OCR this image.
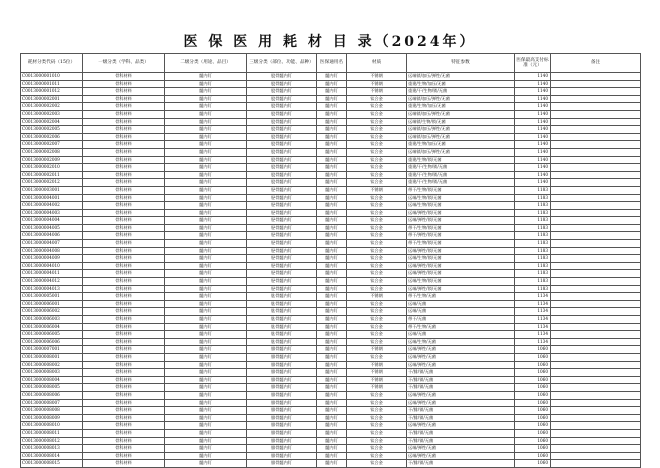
医 保 医 用 耗 材 目 录（2024年）
耗材分类代码（15位）	一级分类（学科、品类）	二级分类（用途、品目）	三级分类（部位、功能、品种）	医保通用名	材质	特征参数	医保最高支付标准（元）	备注
C0013000001010	骨科材料	髓内钉	股骨髓内钉	髓内钉	不锈钢	远端锁/加压/弹性/无菌	1140	
C0013000001011	骨科材料	髓内钉	股骨髓内钉	髓内钉	不锈钢	重建/生物/加压/无菌	1140	
C0013000001012	骨科材料	髓内钉	股骨髓内钉	髓内钉	不锈钢	重建/干/生物/锁/无菌	1140	
C0013000002001	骨科材料	髓内钉	股骨髓内钉	髓内钉	钛合金	远端锁/加压/弹性/无菌	1140	
C0013000002002	骨科材料	髓内钉	股骨髓内钉	髓内钉	钛合金	重建/生物/加压/无菌	1140	
C0013000002003	骨科材料	髓内钉	股骨髓内钉	髓内钉	钛合金	远端锁/加压/弹性/无菌	1140	
C0013000002004	骨科材料	髓内钉	股骨髓内钉	髓内钉	钛合金	远端锁/生物/锁/无菌	1140	
C0013000002005	骨科材料	髓内钉	股骨髓内钉	髓内钉	钛合金	远端锁/加压/弹性/无菌	1140	
C0013000002006	骨科材料	髓内钉	股骨髓内钉	髓内钉	钛合金	远端锁/加压/弹性/无菌	1140	
C0013000002007	骨科材料	髓内钉	股骨髓内钉	髓内钉	钛合金	重建/生物/加压/无菌	1140	
C0013000002008	骨科材料	髓内钉	股骨髓内钉	髓内钉	钛合金	远端锁/加压/弹性/无菌	1140	
C0013000002009	骨科材料	髓内钉	股骨髓内钉	髓内钉	钛合金	重建/生物/锁/无菌	1140	
C0013000002010	骨科材料	髓内钉	股骨髓内钉	髓内钉	钛合金	重建/干/生物/锁/无菌	1140	
C0013000002011	骨科材料	髓内钉	股骨髓内钉	髓内钉	钛合金	重建/干/生物/锁/无菌	1140	
C0013000002012	骨科材料	髓内钉	股骨髓内钉	髓内钉	钛合金	重建/干/生物/锁/无菌	1140	
C0013000003001	骨科材料	髓内钉	胫骨髓内钉	髓内钉	不锈钢	带干/生物/锁/无菌	1183	
C0013000004001	骨科材料	髓内钉	胫骨髓内钉	髓内钉	钛合金	远端/生物/锁/无菌	1183	
C0013000004002	骨科材料	髓内钉	胫骨髓内钉	髓内钉	钛合金	远端/生物/锁/无菌	1183	
C0013000004003	骨科材料	髓内钉	胫骨髓内钉	髓内钉	钛合金	远端/弹性/锁/无菌	1183	
C0013000004004	骨科材料	髓内钉	胫骨髓内钉	髓内钉	钛合金	远端/弹性/锁/无菌	1183	
C0013000004005	骨科材料	髓内钉	胫骨髓内钉	髓内钉	钛合金	带干/生物/锁/无菌	1183	
C0013000004006	骨科材料	髓内钉	胫骨髓内钉	髓内钉	钛合金	带干/弹性/锁/无菌	1183	
C0013000004007	骨科材料	髓内钉	胫骨髓内钉	髓内钉	钛合金	带干/生物/锁/无菌	1183	
C0013000004008	骨科材料	髓内钉	胫骨髓内钉	髓内钉	钛合金	远端/弹性/锁/无菌	1183	
C0013000004009	骨科材料	髓内钉	胫骨髓内钉	髓内钉	钛合金	远端/生物/锁/无菌	1183	
C0013000004010	骨科材料	髓内钉	胫骨髓内钉	髓内钉	钛合金	远端/弹性/锁/无菌	1183	
C0013000004011	骨科材料	髓内钉	胫骨髓内钉	髓内钉	钛合金	远端/弹性/锁/无菌	1183	
C0013000004012	骨科材料	髓内钉	胫骨髓内钉	髓内钉	钛合金	远端/生物/锁/无菌	1183	
C0013000004013	骨科材料	髓内钉	胫骨髓内钉	髓内钉	钛合金	远端/弹性/锁/无菌	1183	
C0013000005001	骨科材料	髓内钉	肱骨髓内钉	髓内钉	不锈钢	带干/生物/无菌	1134	
C0013000006001	骨科材料	髓内钉	肱骨髓内钉	髓内钉	钛合金	远端/无菌	1134	
C0013000006002	骨科材料	髓内钉	肱骨髓内钉	髓内钉	钛合金	远端/无菌	1134	
C0013000006003	骨科材料	髓内钉	肱骨髓内钉	髓内钉	钛合金	带干/无菌	1134	
C0013000006004	骨科材料	髓内钉	肱骨髓内钉	髓内钉	钛合金	带干/生物/无菌	1134	
C0013000006005	骨科材料	髓内钉	肱骨髓内钉	髓内钉	钛合金	远端/无菌	1134	
C0013000006006	骨科材料	髓内钉	肱骨髓内钉	髓内钉	钛合金	远端/生物/无菌	1134	
C0013000007001	骨科材料	髓内钉	腓骨髓内钉	髓内钉	不锈钢	远端/弹性/无菌	1060	
C0013000008001	骨科材料	髓内钉	腓骨髓内钉	髓内钉	钛合金	远端/弹性/无菌	1060	
C0013000008002	骨科材料	髓内钉	腓骨髓内钉	髓内钉	不锈钢	远端/弹性/无菌	1060	
C0013000008003	骨科材料	髓内钉	腓骨髓内钉	髓内钉	不锈钢	干/腓/锁/无菌	1060	
C0013000008004	骨科材料	髓内钉	腓骨髓内钉	髓内钉	不锈钢	干/腓/锁/无菌	1060	
C0013000008005	骨科材料	髓内钉	腓骨髓内钉	髓内钉	不锈钢	干/腓/锁/无菌	1060	
C0013000008006	骨科材料	髓内钉	腓骨髓内钉	髓内钉	钛合金	远端/弹性/无菌	1060	
C0013000008007	骨科材料	髓内钉	腓骨髓内钉	髓内钉	钛合金	远端/弹性/无菌	1060	
C0013000008008	骨科材料	髓内钉	腓骨髓内钉	髓内钉	钛合金	干/腓/锁/无菌	1060	
C0013000008009	骨科材料	髓内钉	腓骨髓内钉	髓内钉	钛合金	干/腓/锁/无菌	1060	
C0013000008010	骨科材料	髓内钉	腓骨髓内钉	髓内钉	钛合金	远端/弹性/无菌	1060	
C0013000008011	骨科材料	髓内钉	腓骨髓内钉	髓内钉	钛合金	干/腓/锁/无菌	1060	
C0013000008012	骨科材料	髓内钉	腓骨髓内钉	髓内钉	钛合金	干/腓/锁/无菌	1060	
C0013000008013	骨科材料	髓内钉	腓骨髓内钉	髓内钉	钛合金	远端/弹性/无菌	1060	
C0013000008014	骨科材料	髓内钉	腓骨髓内钉	髓内钉	钛合金	远端/弹性/无菌	1060	
C0013000008015	骨科材料	髓内钉	腓骨髓内钉	髓内钉	钛合金	干/腓/锁/无菌	1060	
